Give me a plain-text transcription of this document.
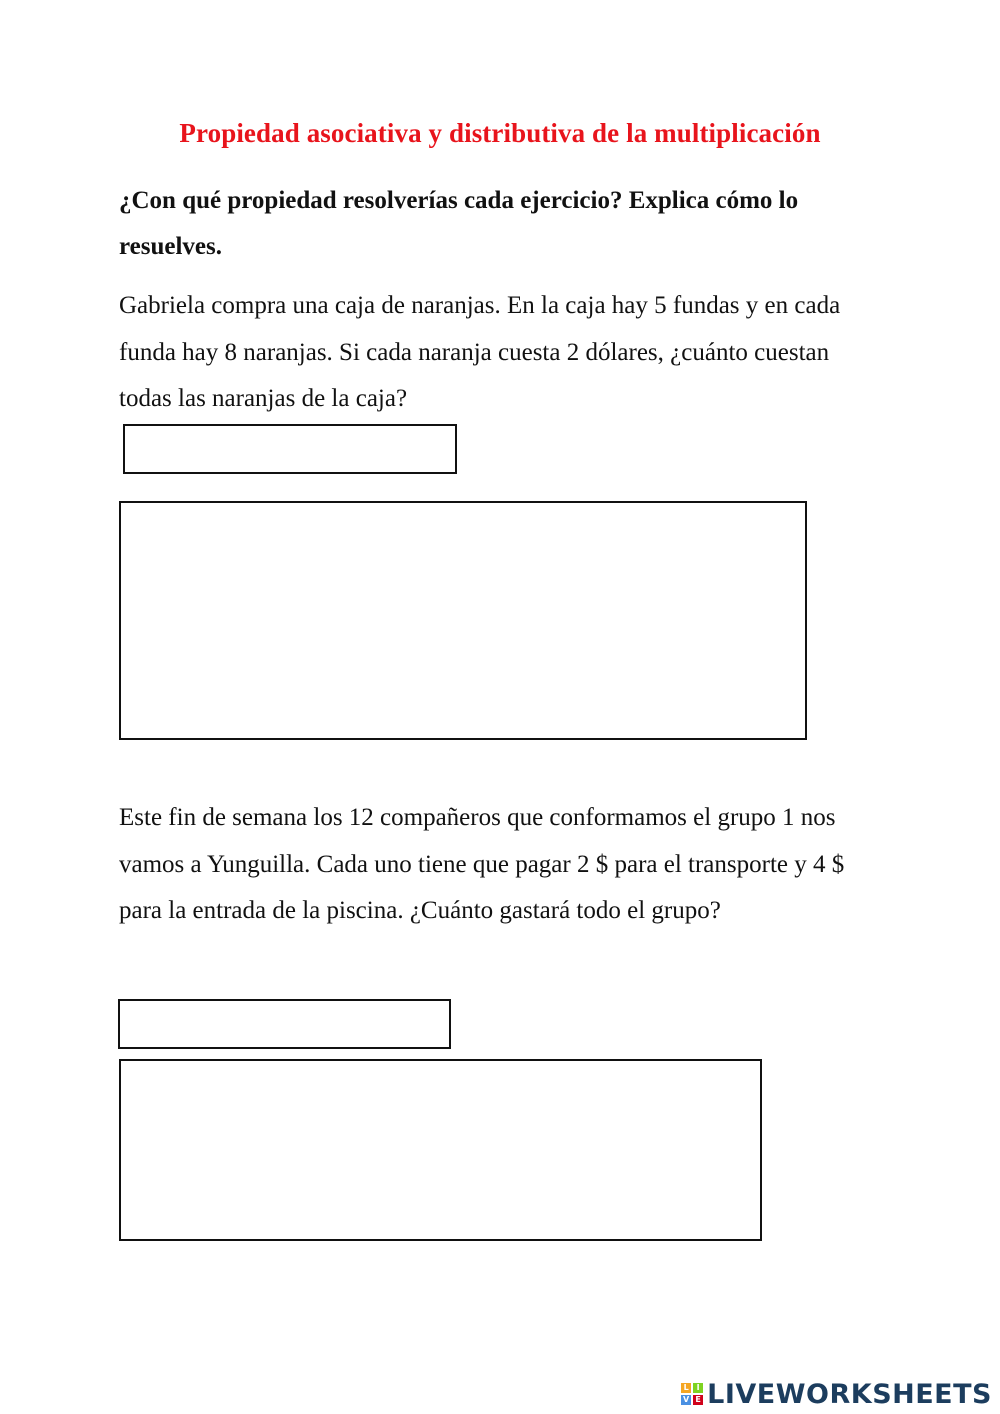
Propiedad asociativa y distributiva de la multiplicación

¿Con qué propiedad resolverías cada ejercicio? Explica cómo lo resuelves.

Gabriela compra una caja de naranjas. En la caja hay 5 fundas y en cada funda hay 8 naranjas. Si cada naranja cuesta 2 dólares, ¿cuánto cuestan todas las naranjas de la caja?

Este fin de semana los 12 compañeros que conformamos el grupo 1 nos vamos a Yunguilla. Cada uno tiene que pagar 2 $ para el transporte y 4 $ para la entrada de la piscina. ¿Cuánto gastará todo el grupo?

L I
V E LIVEWORKSHEETS
